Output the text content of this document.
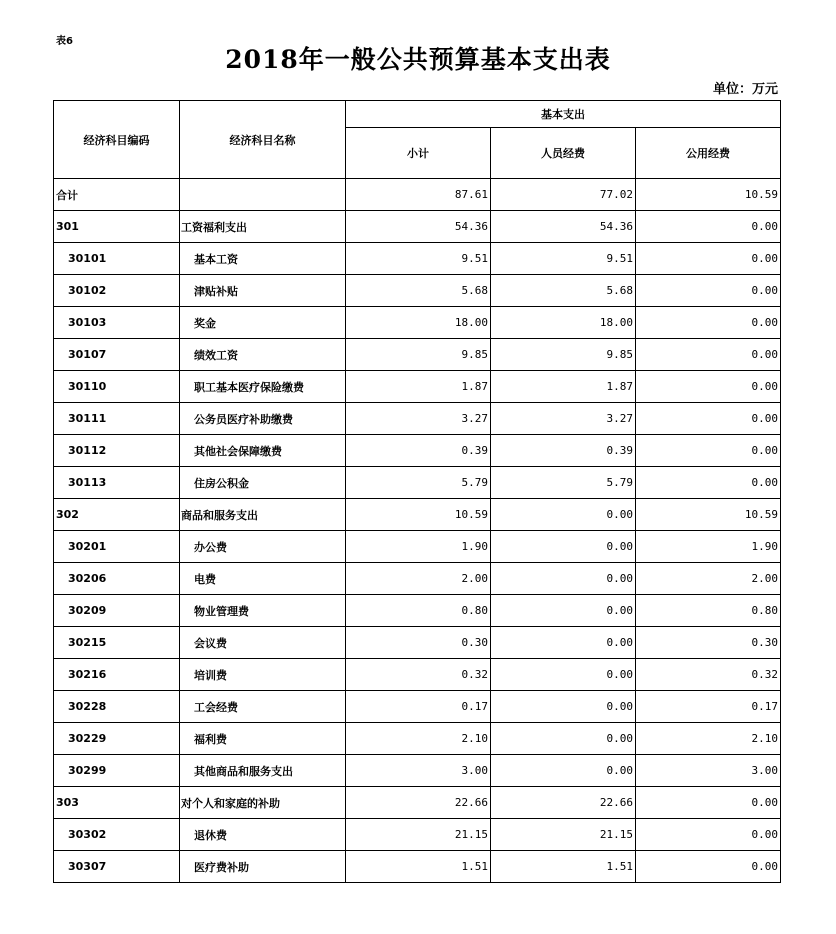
表6
2018年一般公共预算基本支出表
单位：万元
经济科目编码	经济科目名称	基本支出		
		小计	人员经费	公用经费
合计		87.61	77.02	10.59
301	工资福利支出	54.36	54.36	0.00
30101	基本工资	9.51	9.51	0.00
30102	津贴补贴	5.68	5.68	0.00
30103	奖金	18.00	18.00	0.00
30107	绩效工资	9.85	9.85	0.00
30110	职工基本医疗保险缴费	1.87	1.87	0.00
30111	公务员医疗补助缴费	3.27	3.27	0.00
30112	其他社会保障缴费	0.39	0.39	0.00
30113	住房公积金	5.79	5.79	0.00
302	商品和服务支出	10.59	0.00	10.59
30201	办公费	1.90	0.00	1.90
30206	电费	2.00	0.00	2.00
30209	物业管理费	0.80	0.00	0.80
30215	会议费	0.30	0.00	0.30
30216	培训费	0.32	0.00	0.32
30228	工会经费	0.17	0.00	0.17
30229	福利费	2.10	0.00	2.10
30299	其他商品和服务支出	3.00	0.00	3.00
303	对个人和家庭的补助	22.66	22.66	0.00
30302	退休费	21.15	21.15	0.00
30307	医疗费补助	1.51	1.51	0.00
